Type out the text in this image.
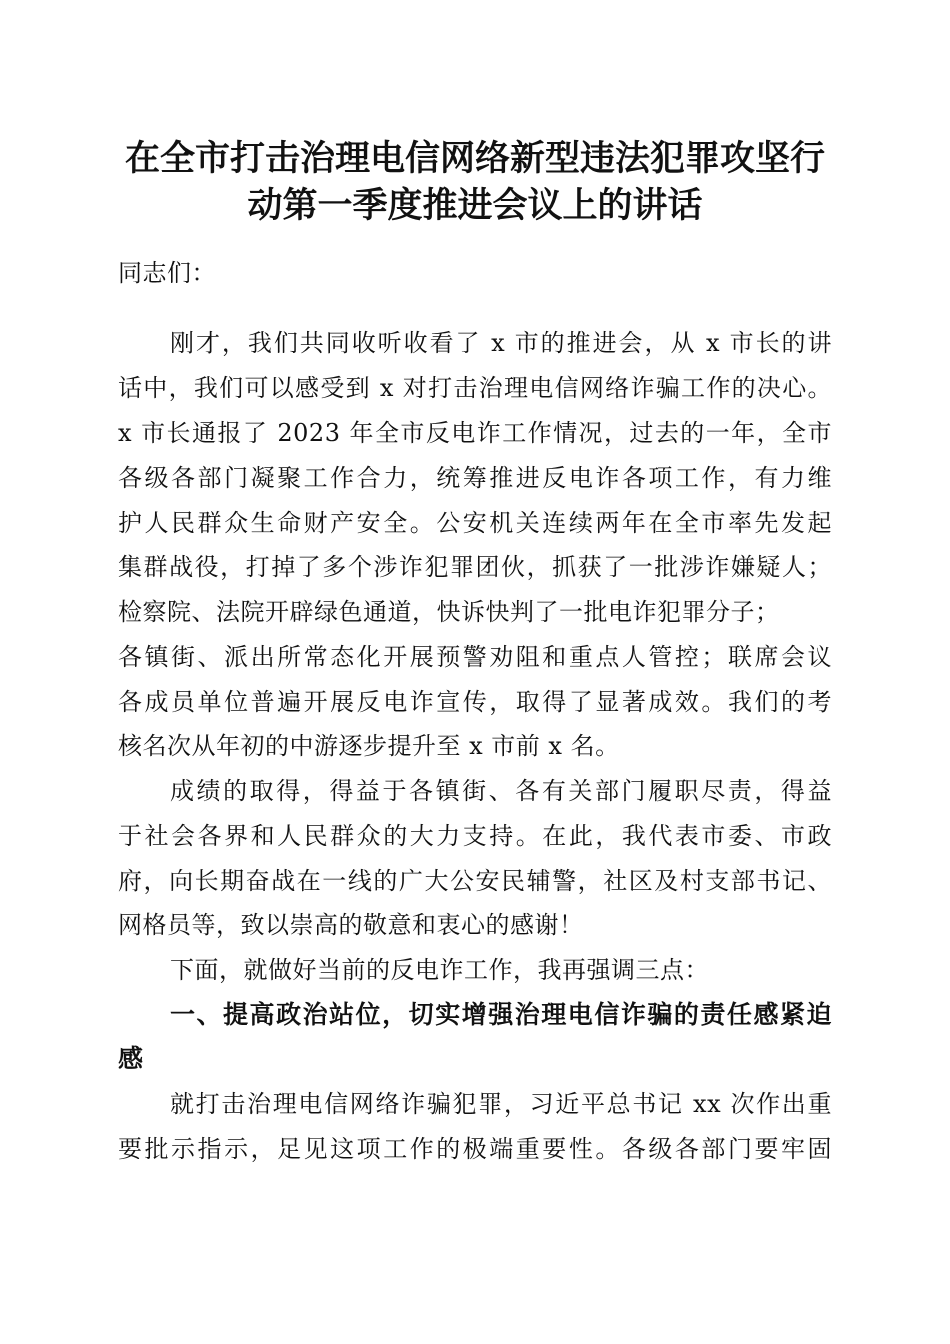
在全市打击治理电信网络新型违法犯罪攻坚行
动第一季度推进会议上的讲话
同志们：
刚才，我们共同收听收看了 x 市的推进会，从 x 市长的讲
话中，我们可以感受到 x 对打击治理电信网络诈骗工作的决心。
x 市长通报了 2023 年全市反电诈工作情况，过去的一年，全市
各级各部门凝聚工作合力，统筹推进反电诈各项工作，有力维
护人民群众生命财产安全。公安机关连续两年在全市率先发起
集群战役，打掉了多个涉诈犯罪团伙，抓获了一批涉诈嫌疑人；
检察院、法院开辟绿色通道，快诉快判了一批电诈犯罪分子；
各镇街、派出所常态化开展预警劝阻和重点人管控；联席会议
各成员单位普遍开展反电诈宣传，取得了显著成效。我们的考
核名次从年初的中游逐步提升至 x 市前 x 名。
成绩的取得，得益于各镇街、各有关部门履职尽责，得益
于社会各界和人民群众的大力支持。在此，我代表市委、市政
府，向长期奋战在一线的广大公安民辅警，社区及村支部书记、
网格员等，致以崇高的敬意和衷心的感谢！
下面，就做好当前的反电诈工作，我再强调三点：
一、提高政治站位，切实增强治理电信诈骗的责任感紧迫
感
就打击治理电信网络诈骗犯罪，习近平总书记 xx 次作出重
要批示指示，足见这项工作的极端重要性。各级各部门要牢固
